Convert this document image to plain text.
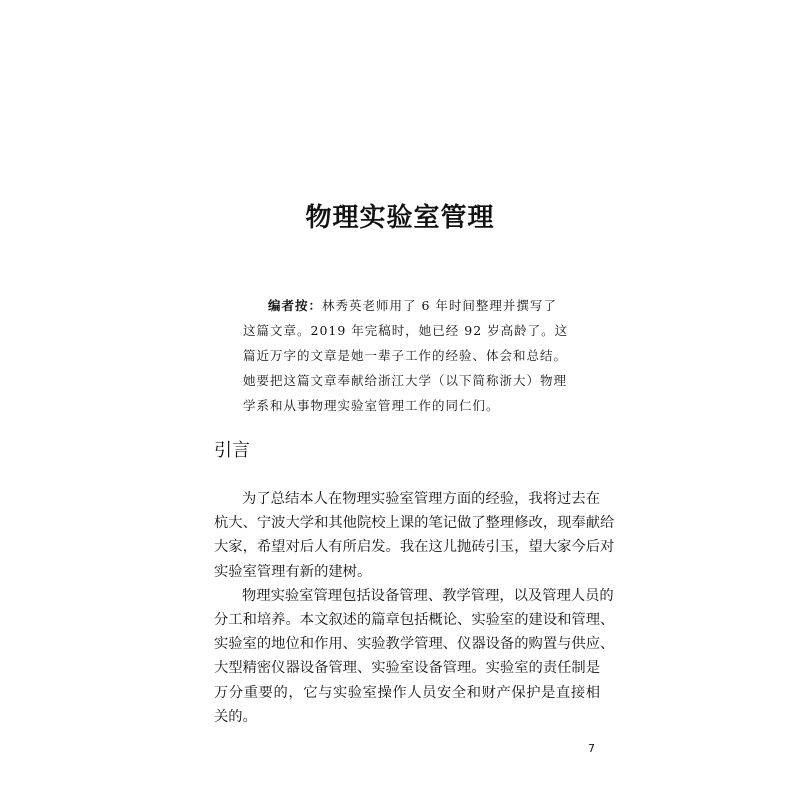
物理实验室管理
编者按：林秀英老师用了 6 年时间整理并撰写了
这篇文章。2019 年完稿时，她已经 92 岁高龄了。这
篇近万字的文章是她一辈子工作的经验、体会和总结。
她要把这篇文章奉献给浙江大学（以下简称浙大）物理
学系和从事物理实验室管理工作的同仁们。
引言
为了总结本人在物理实验室管理方面的经验，我将过去在
杭大、宁波大学和其他院校上课的笔记做了整理修改，现奉献给
大家，希望对后人有所启发。我在这儿抛砖引玉，望大家今后对
实验室管理有新的建树。
物理实验室管理包括设备管理、教学管理，以及管理人员的
分工和培养。本文叙述的篇章包括概论、实验室的建设和管理、
实验室的地位和作用、实验教学管理、仪器设备的购置与供应、
大型精密仪器设备管理、实验室设备管理。实验室的责任制是
万分重要的，它与实验室操作人员安全和财产保护是直接相
关的。
7
